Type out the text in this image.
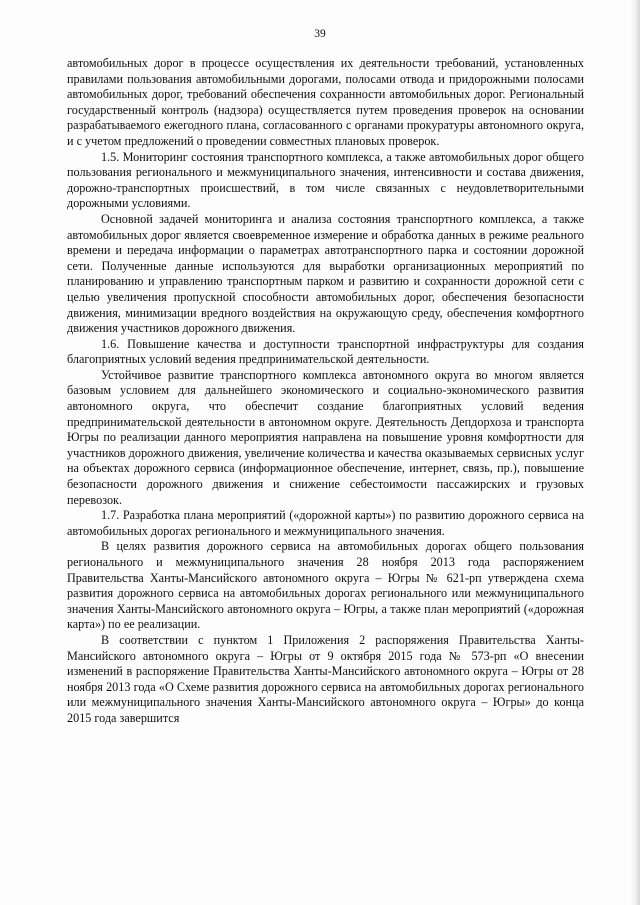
39

автомобильных дорог в процессе осуществления их деятельности требований, установленных правилами пользования автомобильными дорогами, полосами отвода и придорожными полосами автомобильных дорог, требований обеспечения сохранности автомобильных дорог. Региональный государственный контроль (надзора) осуществляется путем проведения проверок на основании разрабатываемого ежегодного плана, согласованного с органами прокуратуры автономного округа, и с учетом предложений о проведении совместных плановых проверок.

1.5. Мониторинг состояния транспортного комплекса, а также автомобильных дорог общего пользования регионального и межмуниципального значения, интенсивности и состава движения, дорожно-транспортных происшествий, в том числе связанных с неудовлетворительными дорожными условиями.

Основной задачей мониторинга и анализа состояния транспортного комплекса, а также автомобильных дорог является своевременное измерение и обработка данных в режиме реального времени и передача информации о параметрах автотранспортного парка и состоянии дорожной сети. Полученные данные используются для выработки организационных мероприятий по планированию и управлению транспортным парком и развитию и сохранности дорожной сети с целью увеличения пропускной способности автомобильных дорог, обеспечения безопасности движения, минимизации вредного воздействия на окружающую среду, обеспечения комфортного движения участников дорожного движения.

1.6. Повышение качества и доступности транспортной инфраструктуры для создания благоприятных условий ведения предпринимательской деятельности.

Устойчивое развитие транспортного комплекса автономного округа во многом является базовым условием для дальнейшего экономического и социально-экономического развития автономного округа, что обеспечит создание благоприятных условий ведения предпринимательской деятельности в автономном округе. Деятельность Депдорхоза и транспорта Югры по реализации данного мероприятия направлена на повышение уровня комфортности для участников дорожного движения, увеличение количества и качества оказываемых сервисных услуг на объектах дорожного сервиса (информационное обеспечение, интернет, связь, пр.), повышение безопасности дорожного движения и снижение себестоимости пассажирских и грузовых перевозок.

1.7. Разработка плана мероприятий («дорожной карты») по развитию дорожного сервиса на автомобильных дорогах регионального и межмуниципального значения.

В целях развития дорожного сервиса на автомобильных дорогах общего пользования регионального и межмуниципального значения 28 ноября 2013 года распоряжением Правительства Ханты-Мансийского автономного округа – Югры № 621-рп утверждена схема развития дорожного сервиса на автомобильных дорогах регионального или межмуниципального значения Ханты-Мансийского автономного округа – Югры, а также план мероприятий («дорожная карта») по ее реализации.

В соответствии с пунктом 1 Приложения 2 распоряжения Правительства Ханты-Мансийского автономного округа – Югры от 9 октября 2015 года № 573-рп «О внесении изменений в распоряжение Правительства Ханты-Мансийского автономного округа – Югры от 28 ноября 2013 года «О Схеме развития дорожного сервиса на автомобильных дорогах регионального или межмуниципального значения Ханты-Мансийского автономного округа – Югры» до конца 2015 года завершится
